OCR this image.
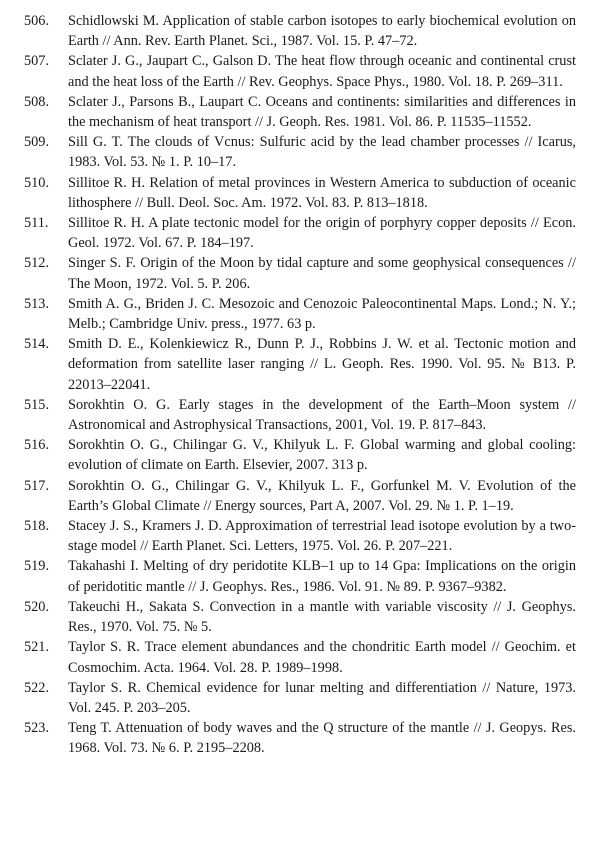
506.	Schidlowski M. Application of stable carbon isotopes to early biochemical evolution on Earth // Ann. Rev. Earth Planet. Sci., 1987. Vol. 15. P. 47–72.
507.	Sclater J. G., Jaupart C., Galson D. The heat flow through oceanic and continental crust and the heat loss of the Earth // Rev. Geophys. Space Phys., 1980. Vol. 18. P. 269–311.
508.	Sclater J., Parsons B., Laupart C. Oceans and continents: similarities and differences in the mechanism of heat transport // J. Geoph. Res. 1981. Vol. 86. P. 11535–11552.
509.	Sill G. T. The clouds of Vcnus: Sulfuric acid by the lead chamber processes // Icarus, 1983. Vol. 53. № 1. P. 10–17.
510.	Sillitoe R. H. Relation of metal provinces in Western America to subduction of oceanic lithosphere // Bull. Deol. Soc. Am. 1972. Vol. 83. P. 813–1818.
511.	Sillitoe R. H. A plate tectonic model for the origin of porphyry copper deposits // Econ. Geol. 1972. Vol. 67. P. 184–197.
512.	Singer S. F. Origin of the Moon by tidal capture and some geophysical consequences // The Moon, 1972. Vol. 5. P. 206.
513.	Smith A. G., Briden J. C. Mesozoic and Cenozoic Paleocontinental Maps. Lond.; N. Y.; Melb.; Cambridge Univ. press., 1977. 63 p.
514.	Smith D. E., Kolenkiewicz R., Dunn P. J., Robbins J. W. et al. Tectonic motion and deformation from satellite laser ranging // L. Geoph. Res. 1990. Vol. 95. № B13. P. 22013–22041.
515.	Sorokhtin O. G. Early stages in the development of the Earth–Moon system // Astronomical and Astrophysical Transactions, 2001, Vol. 19. P. 817–843.
516.	Sorokhtin O. G., Chilingar G. V., Khilyuk L. F. Global warming and global cooling: evolution of climate on Earth. Elsevier, 2007. 313 p.
517.	Sorokhtin O. G., Chilingar G. V., Khilyuk L. F., Gorfunkel M. V. Evolution of the Earth’s Global Climate // Energy sources, Part A, 2007. Vol. 29. № 1. P. 1–19.
518.	Stacey J. S., Kramers J. D. Approximation of terrestrial lead isotope evolution by a two-stage model // Earth Planet. Sci. Letters, 1975. Vol. 26. P. 207–221.
519.	Takahashi I. Melting of dry peridotite KLB–1 up to 14 Gpa: Implications on the origin of peridotitic mantle // J. Geophys. Res., 1986. Vol. 91. № 89. P. 9367–9382.
520.	Takeuchi H., Sakata S. Convection in a mantle with variable viscosity // J. Geophys. Res., 1970. Vol. 75. № 5.
521.	Taylor S. R. Trace element abundances and the chondritic Earth model // Geochim. et Cosmochim. Acta. 1964. Vol. 28. P. 1989–1998.
522.	Taylor S. R. Chemical evidence for lunar melting and differentiation // Nature, 1973. Vol. 245. P. 203–205.
523.	Teng T. Attenuation of body waves and the Q structure of the mantle // J. Geopys. Res. 1968. Vol. 73. № 6. P. 2195–2208.
